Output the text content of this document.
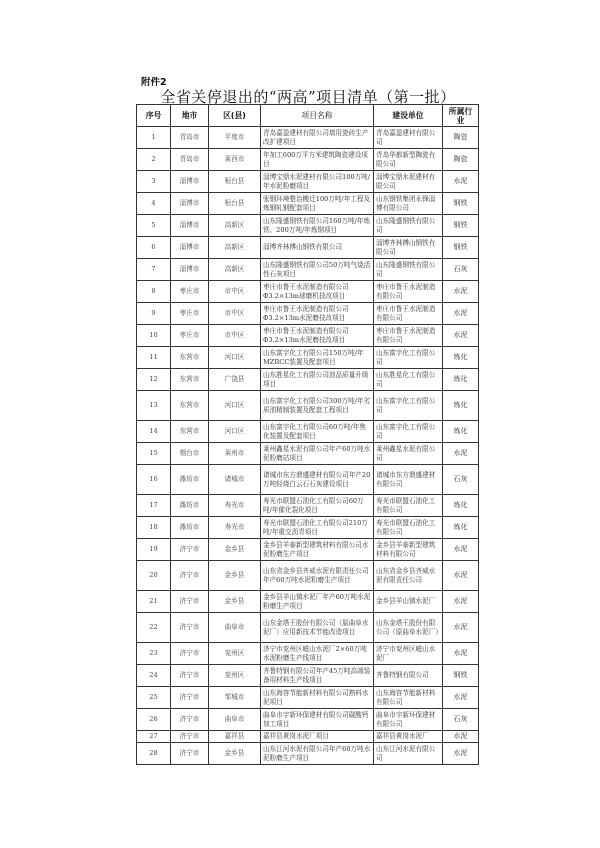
附件2
全省关停退出的“两高”项目清单（第一批）
序号	地市	区(县)	项目名称	建设单位	所属行业
1	青岛市	平度市	青岛嘉盈建材有限公司墙用瓷砖生产改扩建项目	青岛嘉盈建材有限公司	陶瓷
2	青岛市	莱西市	年加工600万平方米建筑陶瓷建设项目	青岛华都新型陶瓷有限公司	陶瓷
3	淄博市	桓台县	淄博宝鼎水泥建材有限公司100万吨/年水泥粉磨项目	淄博宝鼎水泥建材有限公司	水泥
4	淄博市	桓台县	张钢环境整治搬迁100万吨/年工程及炼钢轧钢配套项目	山东钢铁集团永锋淄博有限公司	钢铁
5	淄博市	高新区	山东隆盛钢铁有限公司160万吨/年炼铁、200万吨/年炼钢项目	山东隆盛钢铁有限公司	钢铁
6	淄博市	高新区	淄博齐林傅山钢铁有限公司	淄博齐林傅山钢铁有限公司	钢铁
7	淄博市	高新区	山东隆盛钢铁有限公司50万吨气烧活性石灰项目	山东隆盛钢铁有限公司	石灰
8	枣庄市	市中区	枣庄市鲁王水泥制造有限公司Φ3.2×13m球磨机技改项目	枣庄市鲁王水泥制造有限公司	水泥
9	枣庄市	市中区	枣庄市鲁王水泥制造有限公司Φ3.2×13m水泥磨技改项目	枣庄市鲁王水泥制造有限公司	水泥
10	枣庄市	市中区	枣庄市鲁王水泥制造有限公司Φ3.2×13m水泥磨技改项目	枣庄市鲁王水泥制造有限公司	水泥
11	东营市	河口区	山东富宇化工有限公司150万吨/年MZRCC装置及配套项目	山东富宇化工有限公司	炼化
12	东营市	广饶县	山东胜星化工有限公司油品质量升级项目	山东胜星化工有限公司	炼化
13	东营市	河口区	山东富宇化工有限公司300万吨/年劣质油精制装置及配套工程项目	山东富宇化工有限公司	炼化
14	东营市	河口区	山东富宇化工有限公司60万吨/年焦化装置及配套项目	山东富宇化工有限公司	炼化
15	烟台市	莱州市	莱州鑫星水泥有限公司年产60万吨水泥粉磨站项目	莱州鑫星水泥有限公司	水泥
16	潍坊市	诸城市	诸城市东方鼎盛建材有限公司年产20万吨轻烧白云石石灰建设项目	诸城市东方鼎盛建材有限公司	石灰
17	潍坊市	寿光市	寿光市联盟石油化工有限公司60万吨/年催化裂化项目	寿光市联盟石油化工有限公司	炼化
18	潍坊市	寿光市	寿光市联盟石油化工有限公司210万吨/年重交沥青项目	寿光市联盟石油化工有限公司	炼化
19	济宁市	金乡县	金乡县羊泰新型建筑材料有限公司水泥粉磨生产项目	金乡县羊泰新型建筑材料有限公司	水泥
20	济宁市	金乡县	山东省金乡县齐威水泥有限责任公司年产60万吨水泥粉磨生产项目	山东省金乡县齐威水泥有限责任公司	水泥
21	济宁市	金乡县	金乡县羊山镇水泥厂年产60万吨水泥粉磨生产项目	金乡县羊山镇水泥厂	水泥
22	济宁市	曲阜市	山东金塔王股份有限公司（原曲阜水泥厂）应用新技术节能改造项目	山东金塔王股份有限公司（原曲阜水泥厂）	水泥
23	济宁市	兖州区	济宁市兖州区嵫山水泥厂2×60万吨水泥粉磨生产线项目	济宁市兖州区嵫山水泥厂	水泥
24	济宁市	兖州区	齐鲁特钢有限公司年产45万吨高端装备用材料生产线项目	齐鲁特钢有限公司	钢铁
25	济宁市	邹城市	山东海容节能新材料有限公司熟料水泥项目	山东海容节能新材料有限公司	水泥
26	济宁市	曲阜市	曲阜市宇新环保建材有限公司碳酸钙加工项目	曲阜市宇新环保建材有限公司	石灰
27	济宁市	嘉祥县	嘉祥县黄岗水泥厂项目	嘉祥县黄岗水泥厂	水泥
28	济宁市	金乡县	山东江河水泥有限公司年产60万吨水泥粉磨生产项目	山东江河水泥有限公司	水泥
